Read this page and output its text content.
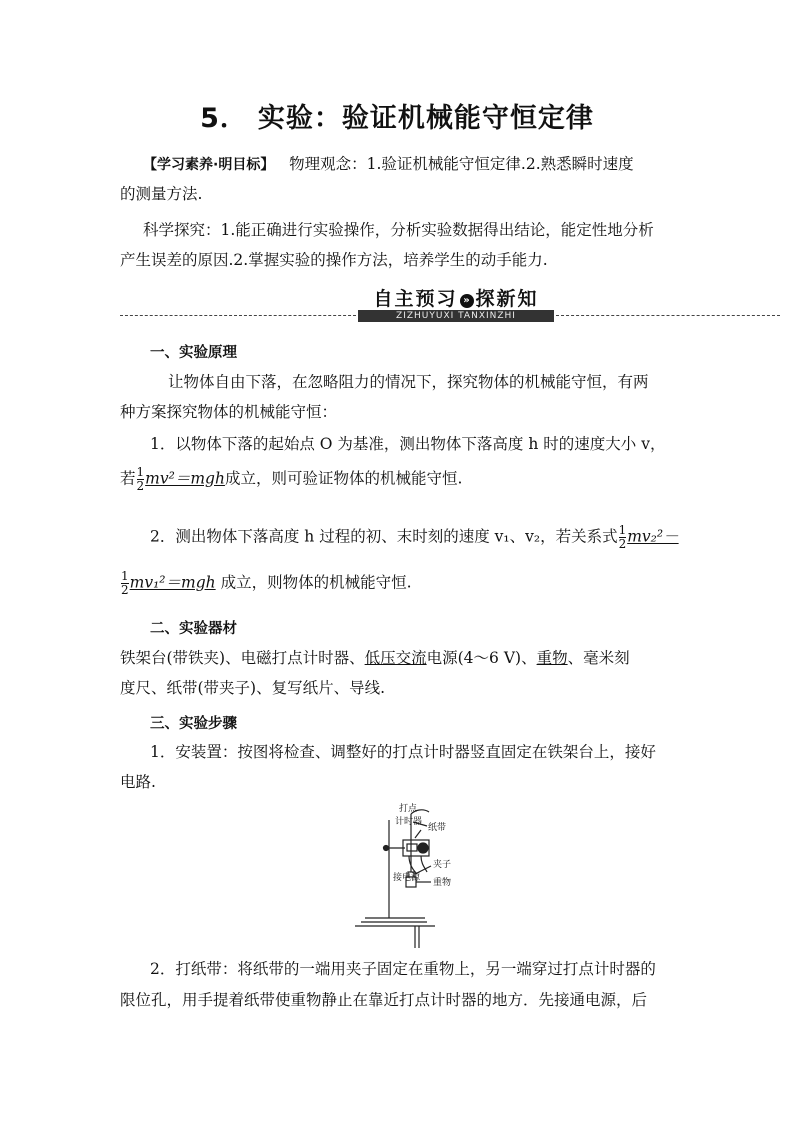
5． 实验：验证机械能守恒定律
【学习素养·明目标】 物理观念：1.验证机械能守恒定律.2.熟悉瞬时速度
的测量方法.
科学探究：1.能正确进行实验操作，分析实验数据得出结论，能定性地分析
产生误差的原因.2.掌握实验的操作方法，培养学生的动手能力.
自主预习 » 探新知
ZIZHUYUXI TANXINZHI
一、实验原理
让物体自由下落，在忽略阻力的情况下，探究物体的机械能守恒，有两
种方案探究物体的机械能守恒：
1．以物体下落的起始点 O 为基准，测出物体下落高度 h 时的速度大小 v，
若 $\frac{1}{2} mv^2=mgh$成立，则可验证物体的机械能守恒.
2．测出物体下落高度 h 过程的初、末时刻的速度 v₁、v₂，若关系式 $\frac{1}{2} mv_2^2-$
$\frac{1}{2} mv_1^2=mgh$ 成立，则物体的机械能守恒.
二、实验器材
铁架台(带铁夹)、电磁打点计时器、低压交流电源(4～6 V)、重物、毫米刻
度尺、纸带(带夹子)、复写纸片、导线.
三、实验步骤
1．安装置：按图将检查、调整好的打点计时器竖直固定在铁架台上，接好
电路.
打点
计时器
纸带
夹子
接电源 重物
2．打纸带：将纸带的一端用夹子固定在重物上，另一端穿过打点计时器的
限位孔，用手提着纸带使重物静止在靠近打点计时器的地方．先接通电源，后
